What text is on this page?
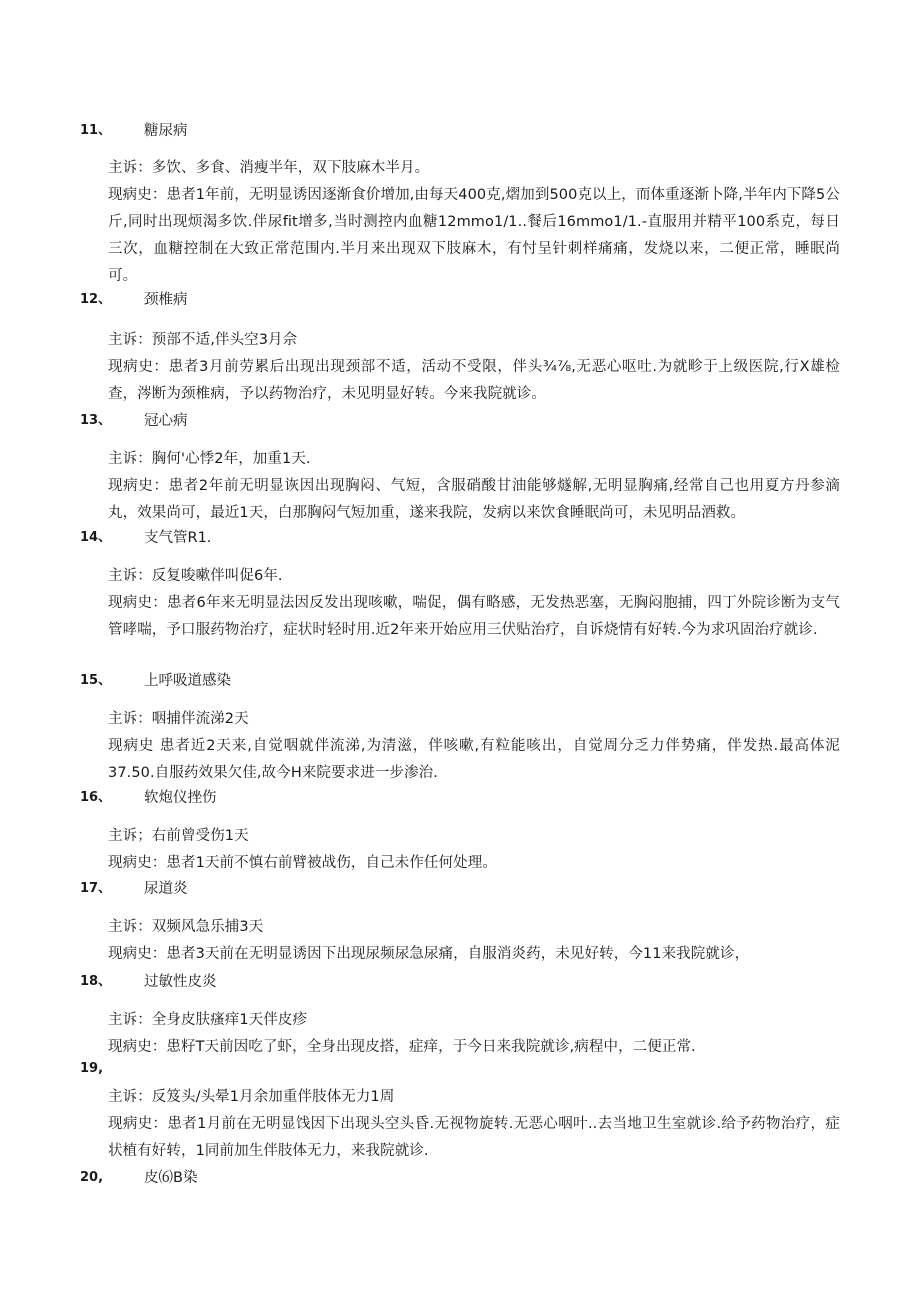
11、 糖尿病

主诉：多饮、多食、消瘦半年，双下肢麻木半月。

现病史：患者1年前，无明显诱因逐渐食价增加,由每天400克,熠加到500克以上，而体重逐渐卜降,半年内下降5公斤,同时出现烦渴多饮.伴尿fit增多,当时测控内血糖12mmo1/1..餐后16mmo1/1.-直服用并精平100系克，每日三次，血糖控制在大致正常范围内.半月来出现双下肢麻木，有忖呈针刺样痛痛，发烧以来，二便正常，睡眠尚可。

12、 颈椎病

主诉：预部不适,伴头空3月佘

现病史：患者3月前劳累后出现出现颈部不适，活动不受限，伴头¾⅞,无恶心呕吐.为就畛于上级医院,行X雄检查，涔断为颈椎病，予以药物治疗，未见明显好转。今来我院就诊。

13、 冠心病

主诉：胸何'心悸2年，加重1天.

现病史：患者2年前无明显诙因出现胸闷、气短，含服硝酸甘油能够燧解,无明显胸痛,经常自己也用夏方丹参滴丸，效果尚可，最近1天，白那胸闷气短加重，遂来我院，发病以来饮食睡眠尚可，未见明品酒救。

14、 支气管R1.

主诉：反复唆嗽伴叫促6年.

现病史：患者6年来无明显法因反发出现咳嗽，喘促，偶有略感，无发热恶塞，无胸闷胞捕，四丁外院诊断为支气管哮喘，予口服药物治疗，症状时轻时用.近2年来开始应用三伏贴治疗，自诉烧情有好转.今为求巩固治疗就诊.

15、 上呼吸道感染

主诉：咽捕伴流涕2天

现病史 患者近2天来,自觉咽就伴流涕,为清滋，伴咳嗽,有粒能咳出，自觉周分乏力伴势痛，伴发热.最高体泥37.50.自服药效果欠佳,故今H来院要求进一步渗治.

16、 软炮仪挫伤

主诉；右前曾受伤1天

现病史：患者1天前不慎右前臂被战伤，自己未作任何处理。

17、 尿道炎

主诉：双频风急乐捕3天

现病史：患者3天前在无明显诱因下出现尿频尿急尿痛，自服消炎药，未见好转，今11来我院就诊，

18、 过敏性皮炎

主诉：全身皮肤瘙痒1天伴皮疹

现病史：患籽T天前因吃了虾，全身出现皮搭，症痒，于今日来我院就诊,病程中，二便正常.

19,

主诉：反笈头/头晕1月余加重伴肢体无力1周

现病史：患者1月前在无明显饯因下出现头空头昏.无视物旋转.无恶心咽叶..去当地卫生室就诊.给予药物治疗，症状植有好转，1同前加生伴肢体无力，来我院就诊.

20,	皮⑹B染
